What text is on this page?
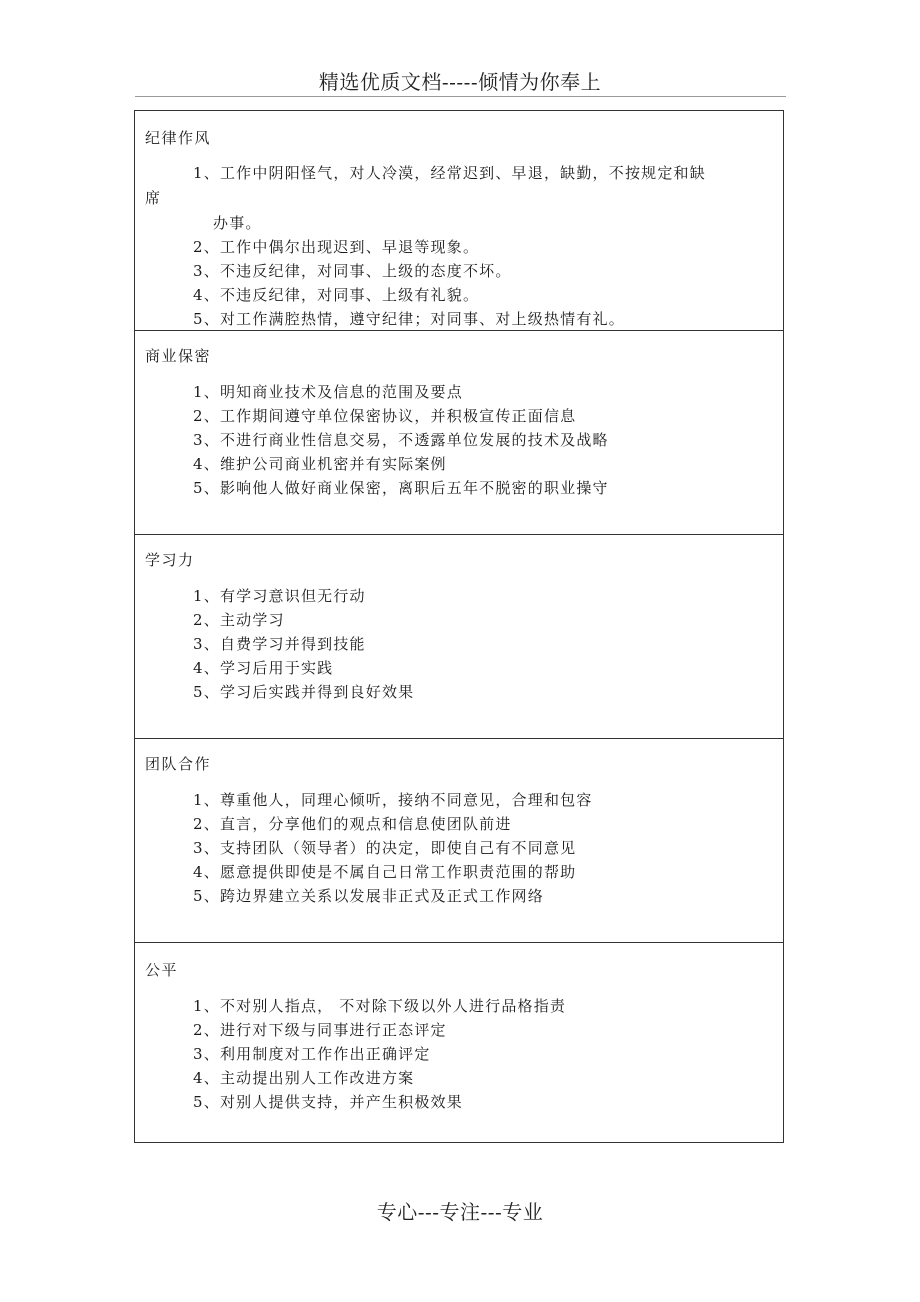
精选优质文档-----倾情为你奉上
纪律作风
1、工作中阴阳怪气，对人冷漠，经常迟到、早退，缺勤，不按规定和缺
席
办事。
2、工作中偶尔出现迟到、早退等现象。
3、不违反纪律，对同事、上级的态度不坏。
4、不违反纪律，对同事、上级有礼貌。
5、对工作满腔热情，遵守纪律；对同事、对上级热情有礼。
商业保密
1、明知商业技术及信息的范围及要点
2、工作期间遵守单位保密协议，并积极宣传正面信息
3、不进行商业性信息交易，不透露单位发展的技术及战略
4、维护公司商业机密并有实际案例
5、影响他人做好商业保密，离职后五年不脱密的职业操守
学习力
1、有学习意识但无行动
2、主动学习
3、自费学习并得到技能
4、学习后用于实践
5、学习后实践并得到良好效果
团队合作
1、尊重他人，同理心倾听，接纳不同意见，合理和包容
2、直言，分享他们的观点和信息使团队前进
3、支持团队（领导者）的决定，即使自己有不同意见
4、愿意提供即使是不属自己日常工作职责范围的帮助
5、跨边界建立关系以发展非正式及正式工作网络
公平
1、不对别人指点， 不对除下级以外人进行品格指责
2、进行对下级与同事进行正态评定
3、利用制度对工作作出正确评定
4、主动提出别人工作改进方案
5、对别人提供支持，并产生积极效果
专心---专注---专业
